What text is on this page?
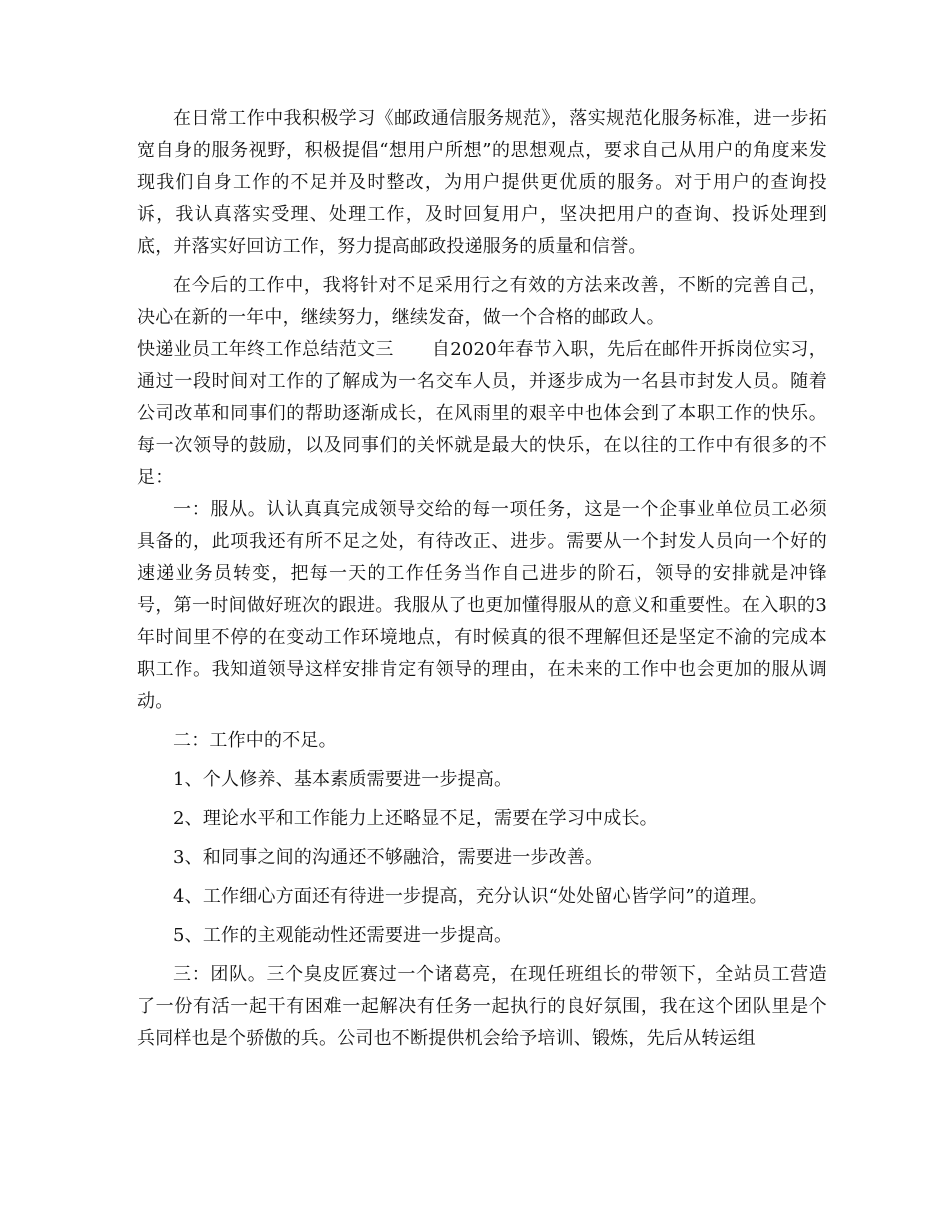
在日常工作中我积极学习《邮政通信服务规范》，落实规范化服务标准，进一步拓宽自身的服务视野，积极提倡“想用户所想”的思想观点，要求自己从用户的角度来发现我们自身工作的不足并及时整改，为用户提供更优质的服务。对于用户的查询投诉，我认真落实受理、处理工作，及时回复用户，坚决把用户的查询、投诉处理到底，并落实好回访工作，努力提高邮政投递服务的质量和信誉。

在今后的工作中，我将针对不足采用行之有效的方法来改善，不断的完善自己，决心在新的一年中，继续努力，继续发奋，做一个合格的邮政人。

快递业员工年终工作总结范文三 自2020年春节入职，先后在邮件开拆岗位实习，通过一段时间对工作的了解成为一名交车人员，并逐步成为一名县市封发人员。随着公司改革和同事们的帮助逐渐成长，在风雨里的艰辛中也体会到了本职工作的快乐。每一次领导的鼓励，以及同事们的关怀就是最大的快乐，在以往的工作中有很多的不足：

一：服从。认认真真完成领导交给的每一项任务，这是一个企事业单位员工必须具备的，此项我还有所不足之处，有待改正、进步。需要从一个封发人员向一个好的速递业务员转变，把每一天的工作任务当作自己进步的阶石，领导的安排就是冲锋号，第一时间做好班次的跟进。我服从了也更加懂得服从的意义和重要性。在入职的3年时间里不停的在变动工作环境地点，有时候真的很不理解但还是坚定不渝的完成本职工作。我知道领导这样安排肯定有领导的理由，在未来的工作中也会更加的服从调动。

二：工作中的不足。

1、个人修养、基本素质需要进一步提高。

2、理论水平和工作能力上还略显不足，需要在学习中成长。

3、和同事之间的沟通还不够融洽，需要进一步改善。

4、工作细心方面还有待进一步提高，充分认识“处处留心皆学问”的道理。

5、工作的主观能动性还需要进一步提高。

三：团队。三个臭皮匠赛过一个诸葛亮，在现任班组长的带领下，全站员工营造了一份有活一起干有困难一起解决有任务一起执行的良好氛围，我在这个团队里是个兵同样也是个骄傲的兵。公司也不断提供机会给予培训、锻炼，先后从转运组
